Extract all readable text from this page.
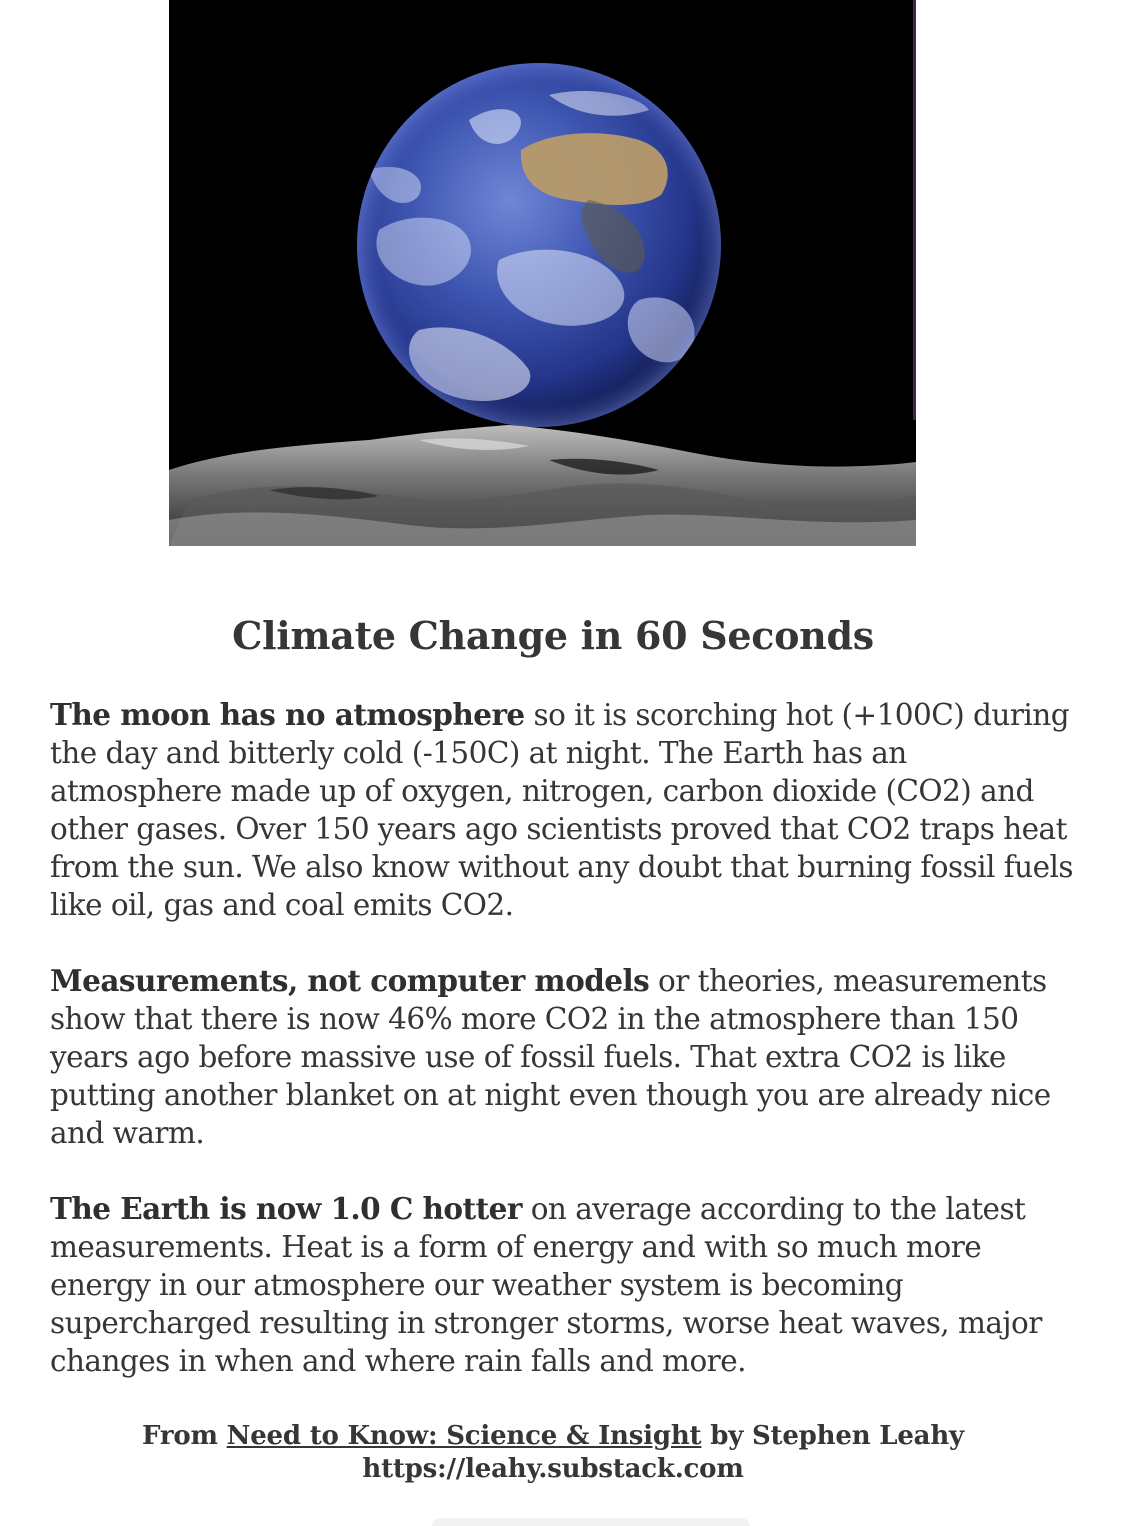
Climate Change in 60 Seconds

The moon has no atmosphere so it is scorching hot (+100C) during the day and bitterly cold (-150C) at night. The Earth has an atmosphere made up of oxygen, nitrogen, carbon dioxide (CO2) and other gases. Over 150 years ago scientists proved that CO2 traps heat from the sun. We also know without any doubt that burning fossil fuels like oil, gas and coal emits CO2.

Measurements, not computer models or theories, measurements show that there is now 46% more CO2 in the atmosphere than 150 years ago before massive use of fossil fuels. That extra CO2 is like putting another blanket on at night even though you are already nice and warm.

The Earth is now 1.0 C hotter on average according to the latest measurements. Heat is a form of energy and with so much more energy in our atmosphere our weather system is becoming supercharged resulting in stronger storms, worse heat waves, major changes in when and where rain falls and more.

From Need to Know: Science & Insight by Stephen Leahy
https://leahy.substack.com
